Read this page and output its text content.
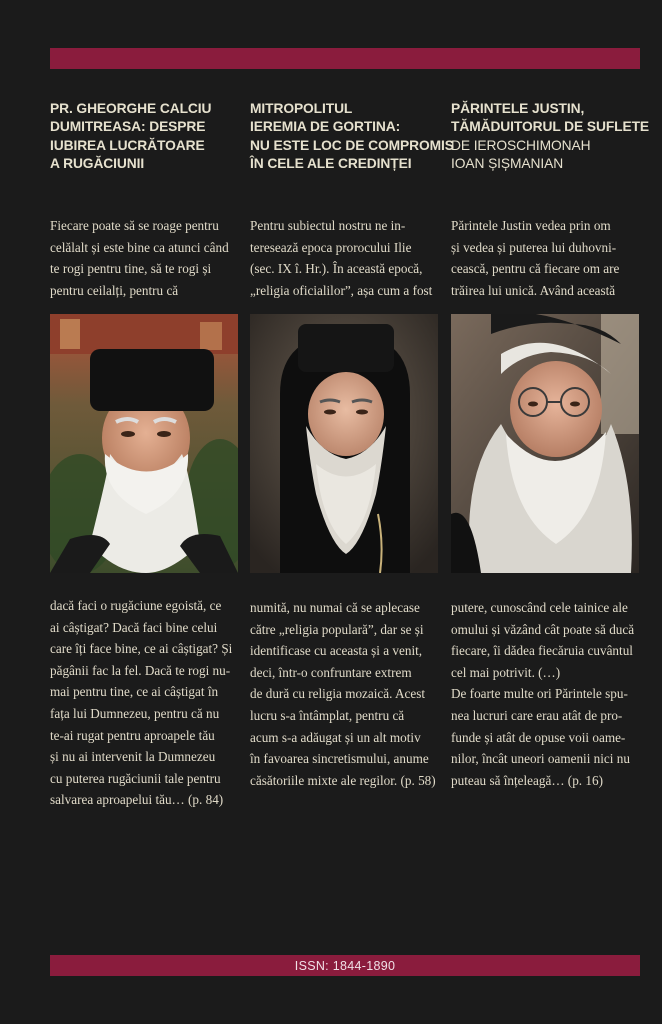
PR. GHEORGHE CALCIU
DUMITREASA: DESPRE
IUBIREA LUCRĂTOARE
A RUGĂCIUNII

Fiecare poate să se roage pentru
celălalt și este bine ca atunci când
te rogi pentru tine, să te rogi și
pentru ceilalți, pentru că

dacă faci o rugăciune egoistă, ce
ai câștigat? Dacă faci bine celui
care îți face bine, ce ai câștigat? Și
păgânii fac la fel. Dacă te rogi nu-
mai pentru tine, ce ai câștigat în
fața lui Dumnezeu, pentru că nu
te-ai rugat pentru aproapele tău
și nu ai intervenit la Dumnezeu
cu puterea rugăciunii tale pentru
salvarea aproapelui tău… (p. 84)

MITROPOLITUL
IEREMIA DE GORTINA:
NU ESTE LOC DE COMPROMIS
ÎN CELE ALE CREDINȚEI

Pentru subiectul nostru ne in-
teresează epoca prorocului Ilie
(sec. IX î. Hr.). În această epocă,
„religia oficialilor”, așa cum a fost

numită, nu numai că se aplecase
către „religia populară”, dar se și
identificase cu aceasta și a venit,
deci, într-o confruntare extrem
de dură cu religia mozaică. Acest
lucru s-a întâmplat, pentru că
acum s-a adăugat și un alt motiv
în favoarea sincretismului, anume
căsătoriile mixte ale regilor. (p. 58)

PĂRINTELE JUSTIN,
TĂMĂDUITORUL DE SUFLETE
DE IEROSCHIMONAH
IOAN ȘIȘMANIAN

Părintele Justin vedea prin om
și vedea și puterea lui duhovni-
cească, pentru că fiecare om are
trăirea lui unică. Având această

putere, cunoscând cele tainice ale
omului și văzând cât poate să ducă
fiecare, îi dădea fiecăruia cuvântul
cel mai potrivit. (…)
De foarte multe ori Părintele spu-
nea lucruri care erau atât de pro-
funde și atât de opuse voii oame-
nilor, încât uneori oamenii nici nu
puteau să înțeleagă… (p. 16)

ISSN: 1844-1890
